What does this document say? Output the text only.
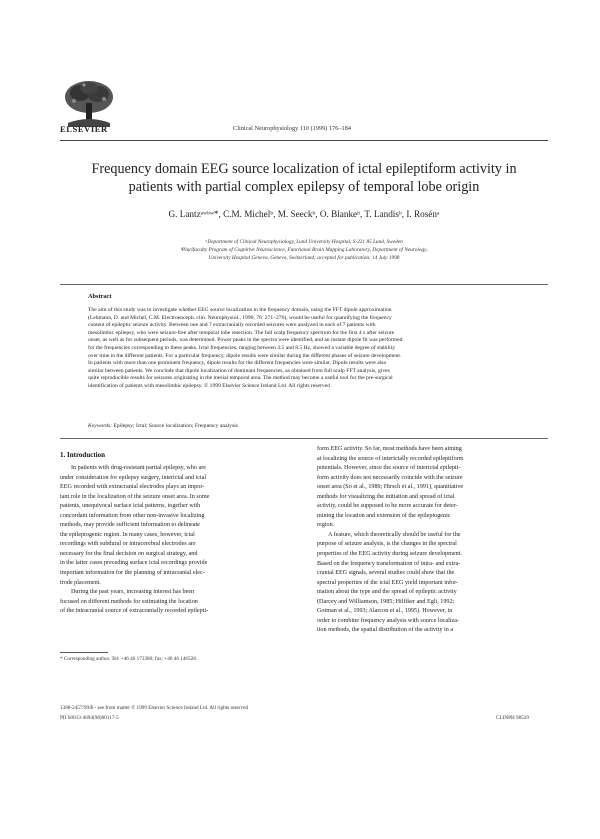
ELSEVIER	Clinical Neurophysiology 110 (1999) 176–184
Frequency domain EEG source localization of ictal epileptiform activity in
patients with partial complex epilepsy of temporal lobe origin
G. Lantzᵃʷᵇʷ*, C.M. Michelᵇ, M. Seeckᵇ, O. Blankeᵇ, T. Landisᵇ, I. Rosénᵃ
ᵃDepartment of Clinical Neurophysiology, Lund University Hospital, S-221 85 Lund, Sweden
ᵇPlurifaculty Program of Cognitive Neuroscience, Functional Brain Mapping Laboratory, Department of Neurology,
University Hospital Geneva, Geneva, Switzerland; accepted for publication: 14 July 1998
Abstract
The aim of this study was to investigate whether EEG source localization in the frequency domain, using the FFT dipole approximation
(Lehmann, D. and Michel, C.M. Electroenceph. clin. Neurophysiol., 1990, 76: 271–276), would be useful for quantifying the frequency
content of epileptic seizure activity. Between one and 7 extracranially recorded seizures were analyzed in each of 7 patients with
mesolimbic epilepsy, who were seizure-free after temporal lobe resection. The full scalp frequency spectrum for the first 4 s after seizure
onset, as well as for subsequent periods, was determined. Power peaks in the spectra were identified, and an instant dipole fit was performed
for the frequencies corresponding to these peaks. Ictal frequencies, ranging between 3.5 and 8.5 Hz, showed a variable degree of stability
over time in the different patients. For a particular frequency, dipole results were similar during the different phases of seizure development.
In patients with more than one prominent frequency, dipole results for the different frequencies were similar. Dipole results were also
similar between patients. We conclude that dipole localization of dominant frequencies, as obtained from full scalp FFT analysis, gives
quite reproducible results for seizures originating in the mesial temporal area. The method may become a useful tool for the pre-surgical
identification of patients with mesolimbic epilepsy. © 1999 Elsevier Science Ireland Ltd. All rights reserved
Keywords: Epilepsy; Ictal; Source localization; Frequency analysis
1. Introduction
In patients with drug-resistant partial epilepsy, who are
under consideration for epilepsy surgery, interictal and ictal
EEG recorded with extracranial electrodes plays an impor-
tant role in the localization of the seizure onset area. In some
patients, unequivocal surface ictal patterns, together with
concordant information from other non-invasive localizing
methods, may provide sufficient information to delineate
the epileptogenic region. In many cases, however, ictal
recordings with subdural or intracerebral electrodes are
necessary for the final decision on surgical strategy, and
in the latter cases preceding surface ictal recordings provide
important information for the planning of intracranial elec-
trode placement.
During the past years, increasing interest has been
focused on different methods for estimating the location
of the intracranial source of extracranially recorded epilepti-
form EEG activity. So far, most methods have been aiming
at localizing the source of interictally recorded epileptiform
potentials. However, since the source of interictal epilepti-
form activity does not necessarily coincide with the seizure
onset area (So et al., 1989; Hirsch et al., 1991), quantitative
methods for visualizing the initiation and spread of ictal
activity, could be supposed to be more accurate for deter-
mining the location and extension of the epileptogenic
region.
A feature, which theoretically should be useful for the
purpose of seizure analysis, is the changes in the spectral
properties of the EEG activity during seizure development.
Based on the frequency transformation of intra- and extra-
cranial EEG signals, several studies could show that the
spectral properties of the ictal EEG yield important infor-
mation about the type and the spread of epileptic activity
(Darcey and Williamson, 1985; Hilfiker and Egli, 1992;
Gotman et al., 1993; Alarcon et al., 1995). However, in
order to combine frequency analysis with source localiza-
tion methods, the spatial distribution of the activity in a
* Corresponding author. Tel: +46 46 173380; fax: +46 46 146528.
1388-2457/99/$ - see front matter © 1999 Elsevier Science Ireland Ltd. All rights reserved
PII S0013-4694(98)00117-5	CLINPH 98539
